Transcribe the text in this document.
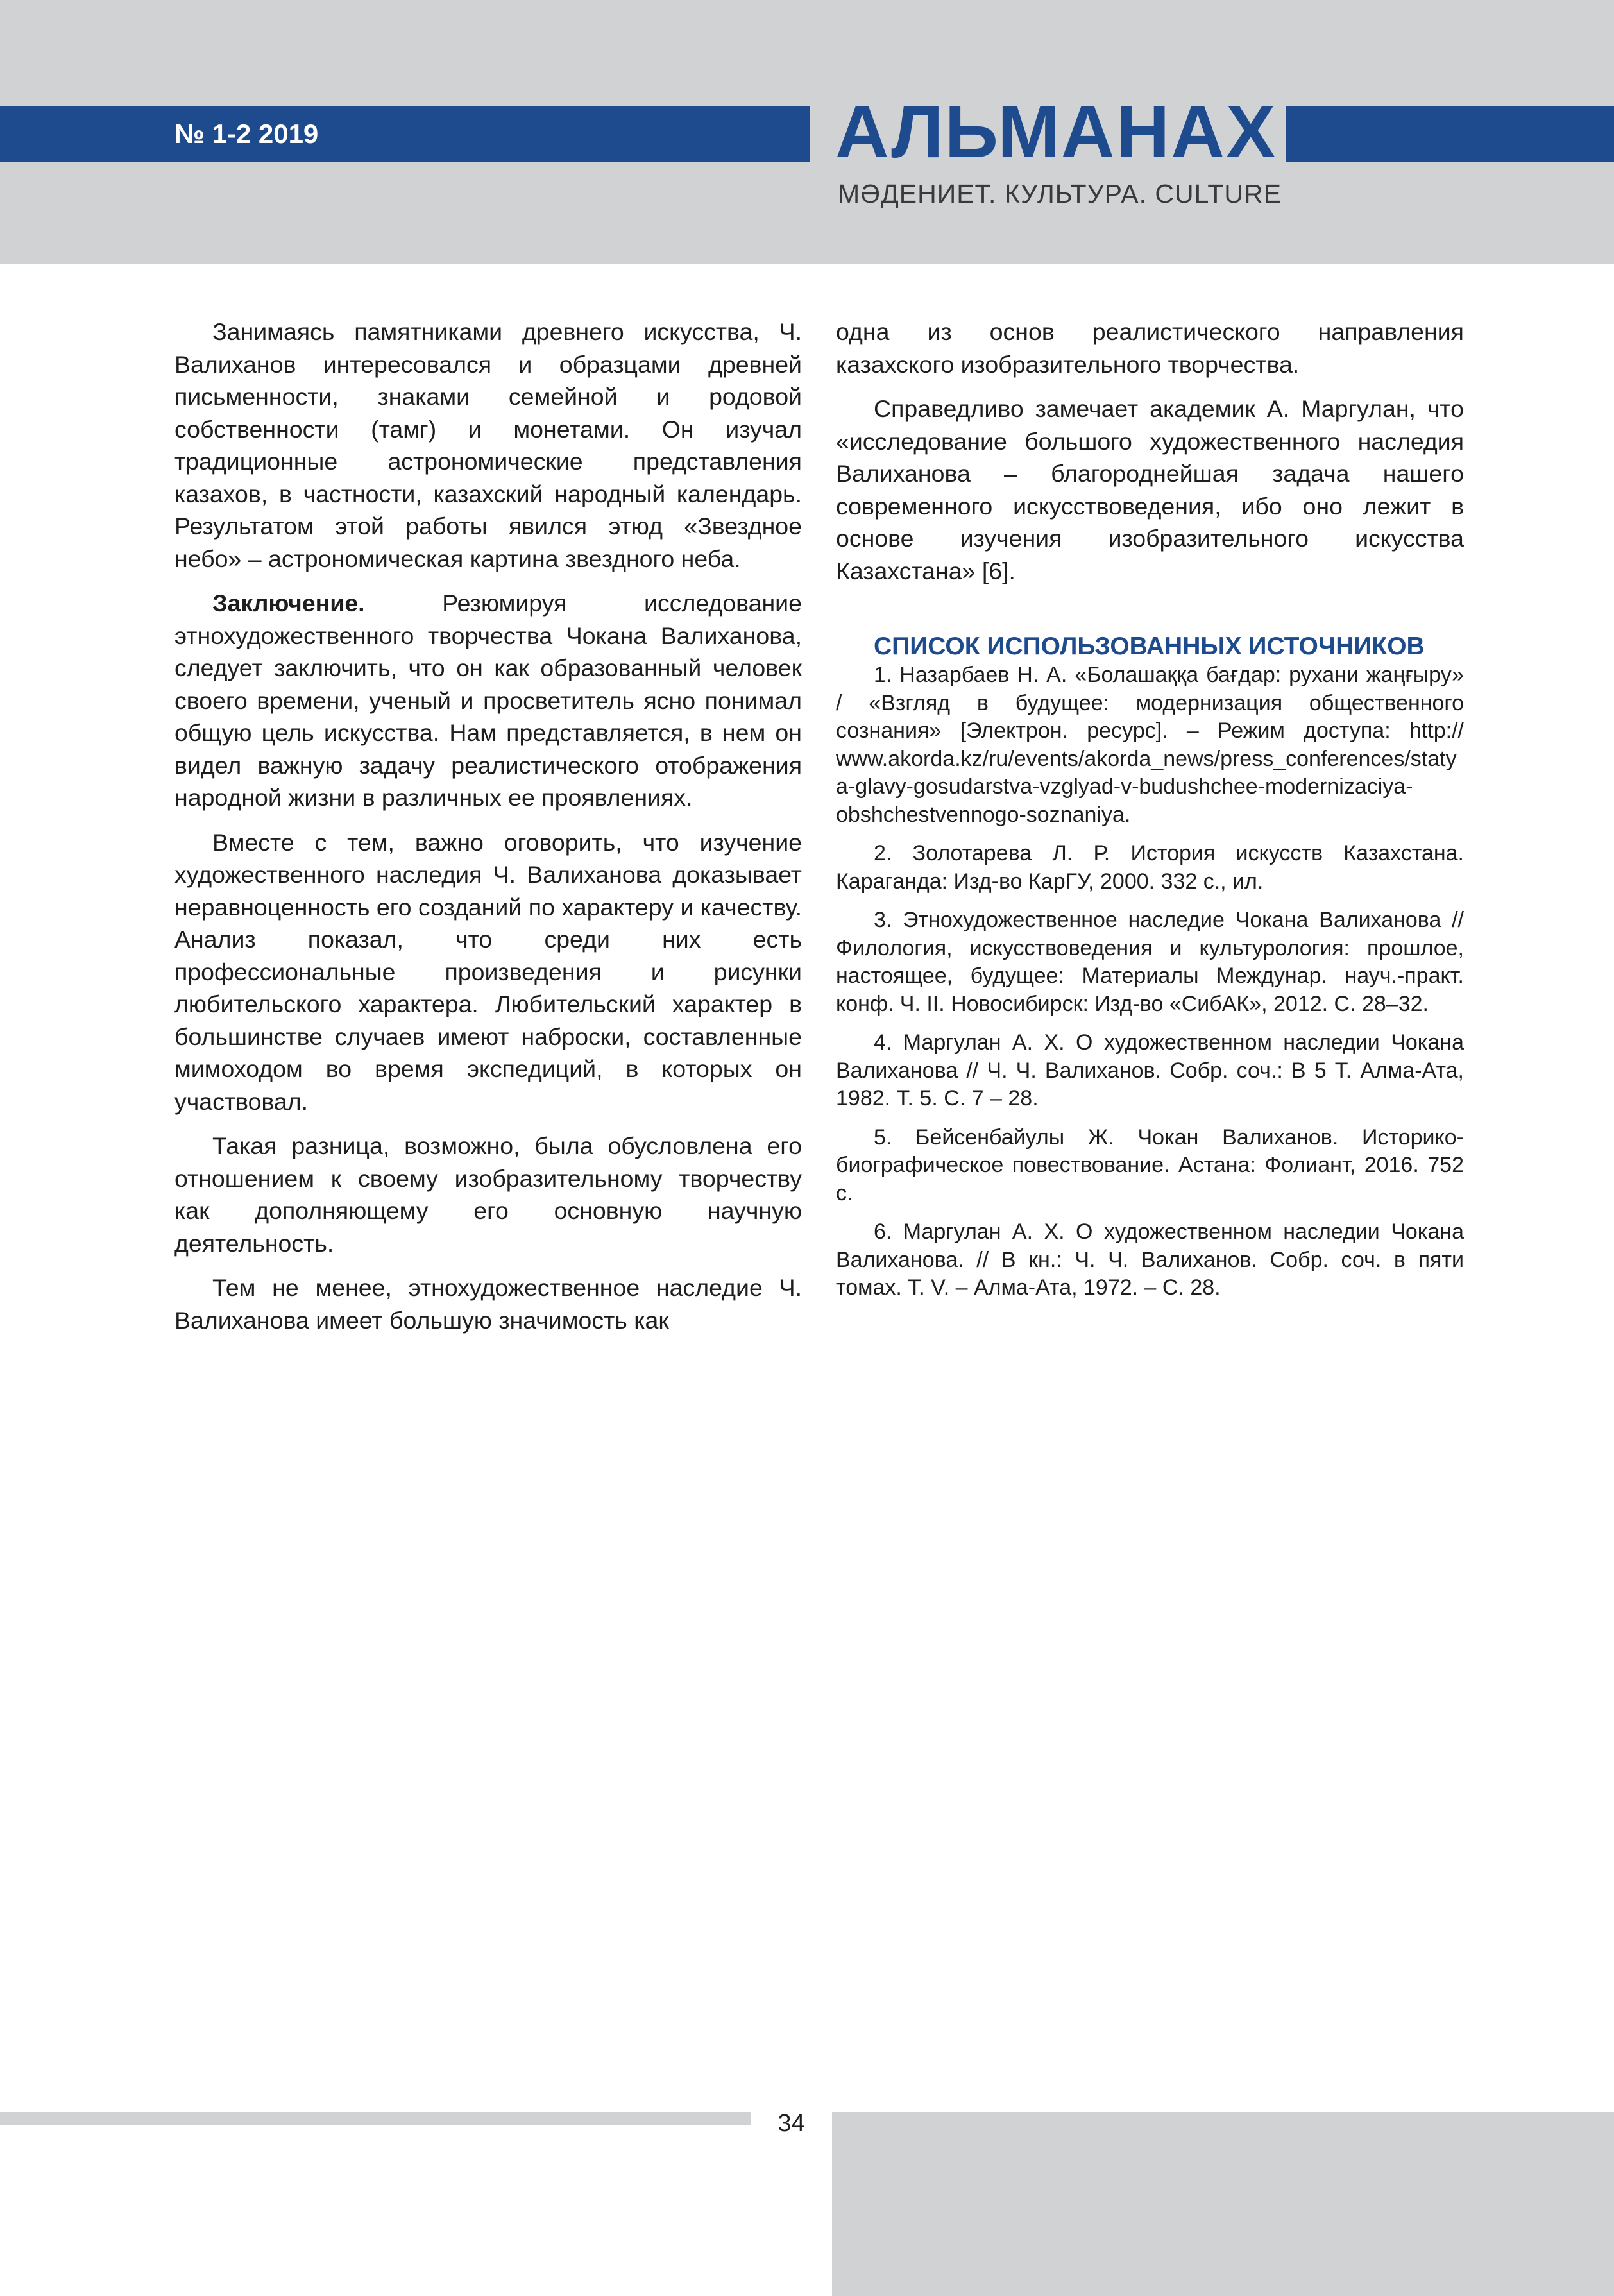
№ 1-2 2019	АЛЬМАНАХ
МӘДЕНИЕТ. КУЛЬТУРА. CULTURE

Занимаясь памятниками древнего искусства, Ч. Валиханов интересовался и образцами древней письменности, знаками семейной и родовой собственности (тамг) и монетами. Он изучал традиционные астрономические представления казахов, в частности, казахский народный календарь. Результатом этой работы явился этюд «Звездное небо» – астрономическая картина звездного неба.

Заключение. Резюмируя исследование этнохудожественного творчества Чокана Валиханова, следует заключить, что он как образованный человек своего времени, ученый и просветитель ясно понимал общую цель искусства. Нам представляется, в нем он видел важную задачу реалистического отображения народной жизни в различных ее проявлениях.

Вместе с тем, важно оговорить, что изучение художественного наследия Ч. Валиханова доказывает неравноценность его созданий по характеру и качеству. Анализ показал, что среди них есть профессиональные произведения и рисунки любительского характера. Любительский характер в большинстве случаев имеют наброски, составленные мимоходом во время экспедиций, в которых он участвовал.

Такая разница, возможно, была обусловлена его отношением к своему изобразительному творчеству как дополняющему его основную научную деятельность.

Тем не менее, этнохудожественное наследие Ч. Валиханова имеет большую значимость как

одна из основ реалистического направления казахского изобразительного творчества.

Справедливо замечает академик А. Маргулан, что «исследование большого художественного наследия Валиханова – благороднейшая задача нашего современного искусствоведения, ибо оно лежит в основе изучения изобразительного искусства Казахстана» [6].

СПИСОК ИСПОЛЬЗОВАННЫХ ИСТОЧНИКОВ
1. Назарбаев Н. А. «Болашаққа бағдар: рухани жаңғыру» / «Взгляд в будущее: модернизация общественного сознания» [Электрон. ресурс]. – Режим доступа: http:// www.akorda.kz/ru/events/akorda_news/press_conferences/statya-glavy-gosudarstva-vzglyad-v-budushchee-modernizaciya-obshchestvennogo-soznaniya.
2. Золотарева Л. Р. История искусств Казахстана. Караганда: Изд-во КарГУ, 2000. 332 с., ил.
3. Этнохудожественное наследие Чокана Валиханова // Филология, искусствоведения и культурология: прошлое, настоящее, будущее: Материалы Междунар. науч.-практ. конф. Ч. II. Новосибирск: Изд-во «СибАК», 2012. С. 28–32.
4. Маргулан А. Х. О художественном наследии Чокана Валиханова // Ч. Ч. Валиханов. Собр. соч.: В 5 Т. Алма-Ата, 1982. Т. 5. С. 7 – 28.
5. Бейсенбайулы Ж. Чокан Валиханов. Историко-биографическое повествование. Астана: Фолиант, 2016. 752 с.
6. Маргулан А. Х. О художественном наследии Чокана Валиханова. // В кн.: Ч. Ч. Валиханов. Собр. соч. в пяти томах. Т. V. – Алма-Ата, 1972. – С. 28.
34
